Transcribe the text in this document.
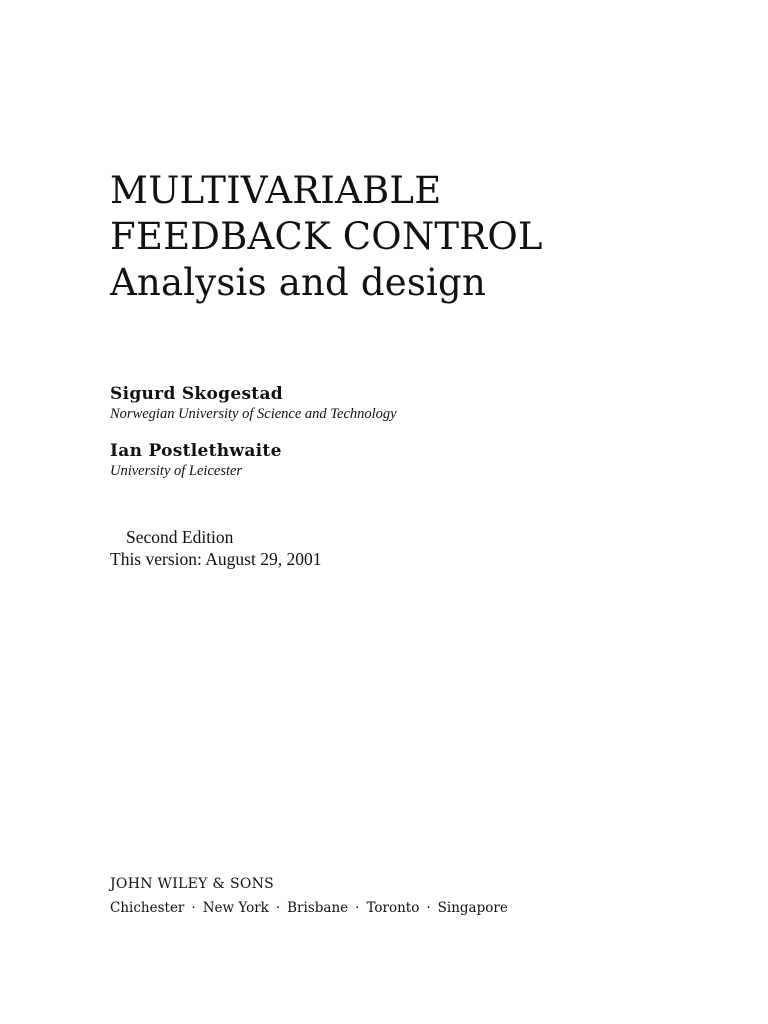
MULTIVARIABLE
FEEDBACK CONTROL
Analysis and design
Sigurd Skogestad
Norwegian University of Science and Technology
Ian Postlethwaite
University of Leicester
Second Edition
This version: August 29, 2001
JOHN WILEY & SONS
Chichester · New York · Brisbane · Toronto · Singapore
